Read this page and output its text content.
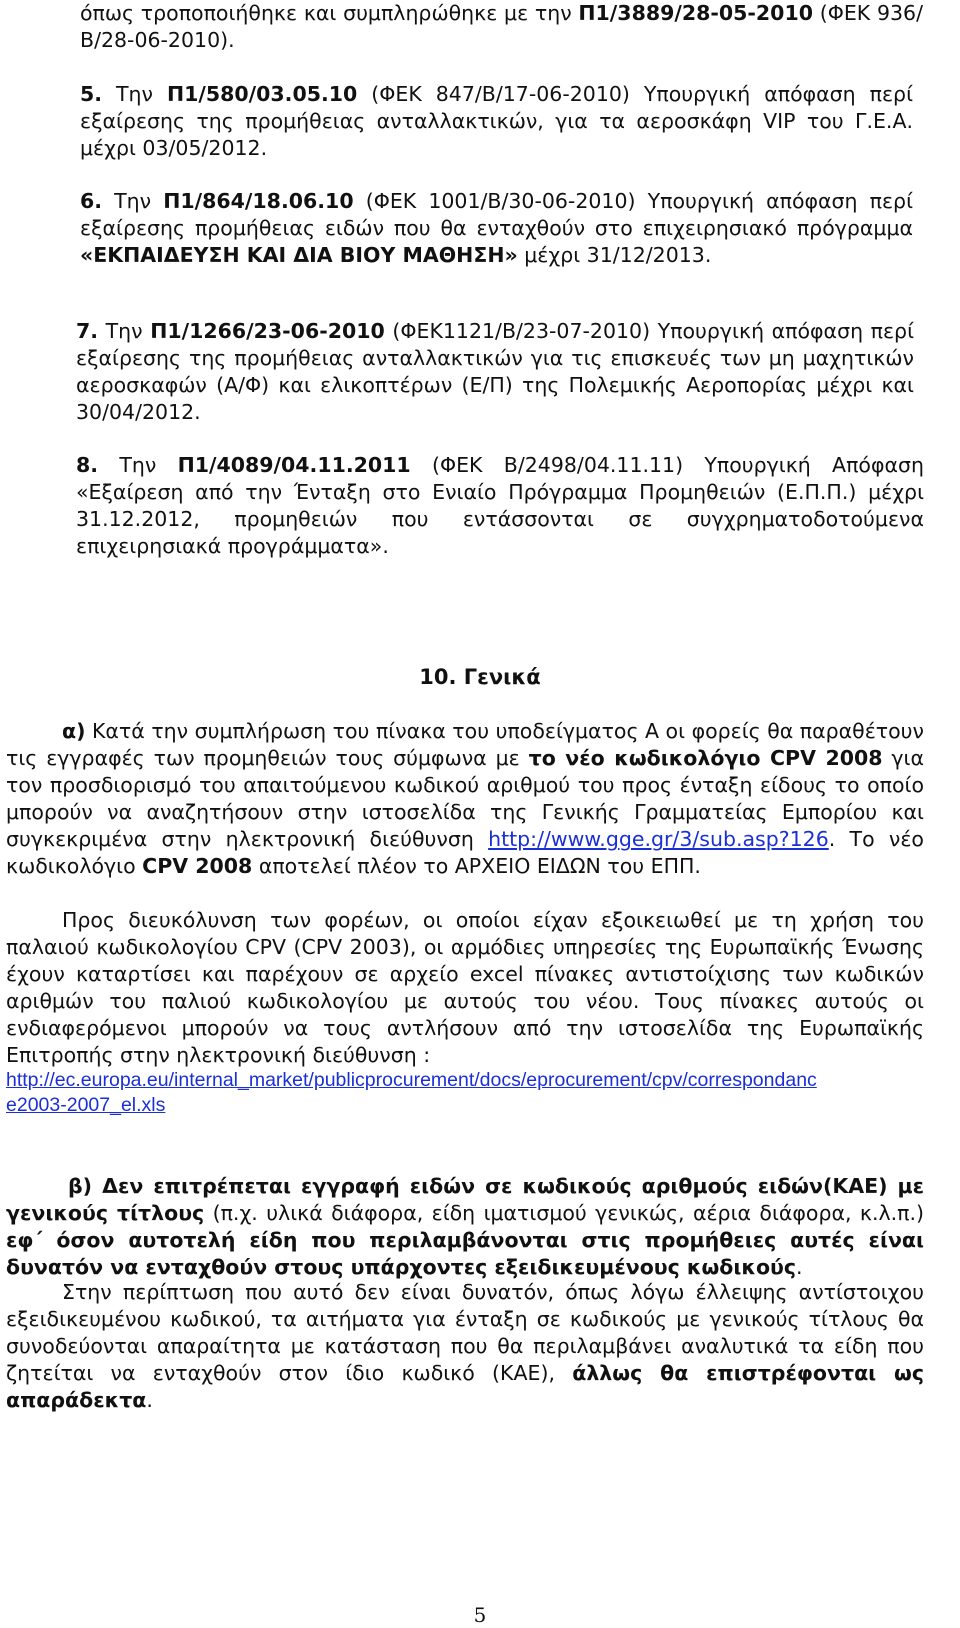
όπως τροποποιήθηκε και συμπληρώθηκε με την Π1/3889/28-05-2010 (ΦΕΚ 936/Β/28-06-2010).

5. Την Π1/580/03.05.10 (ΦΕΚ 847/Β/17-06-2010) Υπουργική απόφαση περί εξαίρεσης της προμήθειας ανταλλακτικών, για τα αεροσκάφη VIP του Γ.Ε.Α. μέχρι 03/05/2012.

6. Την Π1/864/18.06.10 (ΦΕΚ 1001/Β/30-06-2010) Υπουργική απόφαση περί εξαίρεσης προμήθειας ειδών που θα ενταχθούν στο επιχειρησιακό πρόγραμμα «ΕΚΠΑΙΔΕΥΣΗ ΚΑΙ ΔΙΑ ΒΙΟΥ ΜΑΘΗΣΗ» μέχρι 31/12/2013.

7. Την Π1/1266/23-06-2010 (ΦΕΚ1121/Β/23-07-2010) Υπουργική απόφαση περί εξαίρεσης της προμήθειας ανταλλακτικών για τις επισκευές των μη μαχητικών αεροσκαφών (Α/Φ) και ελικοπτέρων (Ε/Π) της Πολεμικής Αεροπορίας μέχρι και 30/04/2012.

8. Την Π1/4089/04.11.2011 (ΦΕΚ Β/2498/04.11.11) Υπουργική Απόφαση «Εξαίρεση από την Ένταξη στο Ενιαίο Πρόγραμμα Προμηθειών (Ε.Π.Π.) μέχρι 31.12.2012, προμηθειών που εντάσσονται σε συγχρηματοδοτούμενα επιχειρησιακά προγράμματα».

10. Γενικά

α) Κατά την συμπλήρωση του πίνακα του υποδείγματος Α οι φορείς θα παραθέτουν τις εγγραφές των προμηθειών τους σύμφωνα με το νέο κωδικολόγιο CPV 2008 για τον προσδιορισμό του απαιτούμενου κωδικού αριθμού του προς ένταξη είδους το οποίο μπορούν να αναζητήσουν στην ιστοσελίδα της Γενικής Γραμματείας Εμπορίου και συγκεκριμένα στην ηλεκτρονική διεύθυνση http://www.gge.gr/3/sub.asp?126. Το νέο κωδικολόγιο CPV 2008 αποτελεί πλέον το ΑΡΧΕΙΟ ΕΙΔΩΝ του ΕΠΠ.

Προς διευκόλυνση των φορέων, οι οποίοι είχαν εξοικειωθεί με τη χρήση του παλαιού κωδικολογίου CPV (CPV 2003), οι αρμόδιες υπηρεσίες της Ευρωπαϊκής Ένωσης έχουν καταρτίσει και παρέχουν σε αρχείο excel πίνακες αντιστοίχισης των κωδικών αριθμών του παλιού κωδικολογίου με αυτούς του νέου. Τους πίνακες αυτούς οι ενδιαφερόμενοι μπορούν να τους αντλήσουν από την ιστοσελίδα της Ευρωπαϊκής Επιτροπής στην ηλεκτρονική διεύθυνση :

http://ec.europa.eu/internal_market/publicprocurement/docs/eprocurement/cpv/correspondanc
e2003-2007_el.xls

β) Δεν επιτρέπεται εγγραφή ειδών σε κωδικούς αριθμούς ειδών(ΚΑΕ) με γενικούς τίτλους (π.χ. υλικά διάφορα, είδη ιματισμού γενικώς, αέρια διάφορα, κ.λ.π.) εφ΄ όσον αυτοτελή είδη που περιλαμβάνονται στις προμήθειες αυτές είναι δυνατόν να ενταχθούν στους υπάρχοντες εξειδικευμένους κωδικούς.

Στην περίπτωση που αυτό δεν είναι δυνατόν, όπως λόγω έλλειψης αντίστοιχου εξειδικευμένου κωδικού, τα αιτήματα για ένταξη σε κωδικούς με γενικούς τίτλους θα συνοδεύονται απαραίτητα με κατάσταση που θα περιλαμβάνει αναλυτικά τα είδη που ζητείται να ενταχθούν στον ίδιο κωδικό (ΚΑΕ), άλλως θα επιστρέφονται ως απαράδεκτα.

5
